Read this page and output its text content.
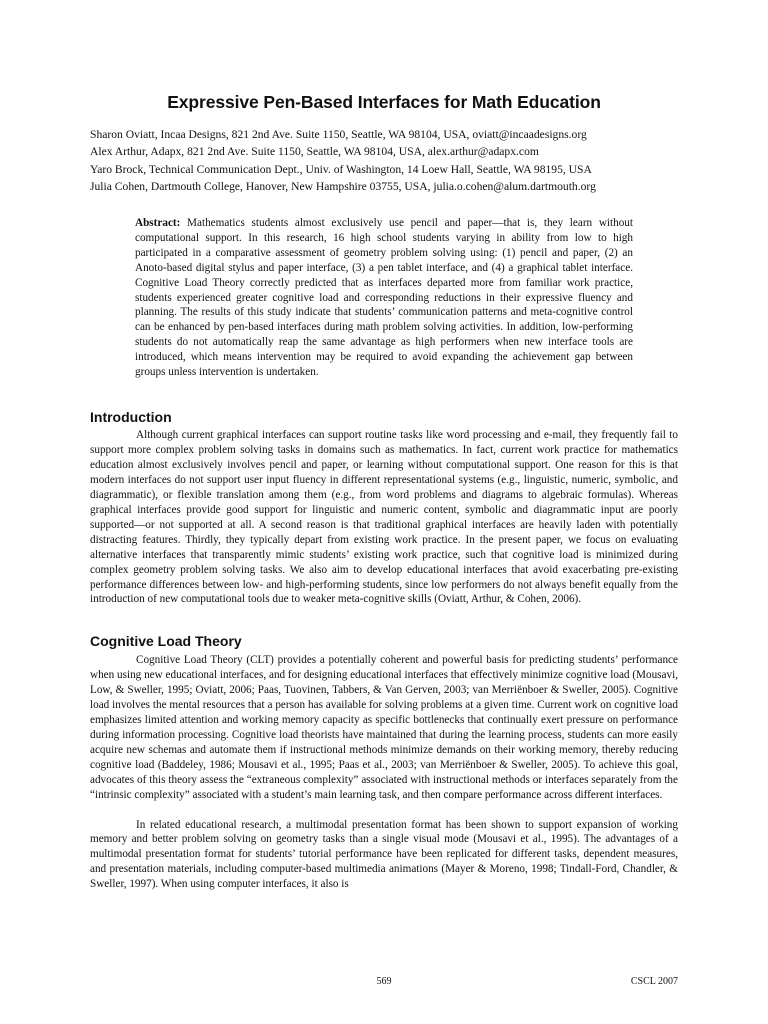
Expressive Pen-Based Interfaces for Math Education
Sharon Oviatt, Incaa Designs, 821 2nd Ave. Suite 1150, Seattle, WA 98104, USA, oviatt@incaadesigns.org
Alex Arthur, Adapx, 821 2nd Ave. Suite 1150, Seattle, WA 98104, USA, alex.arthur@adapx.com
Yaro Brock, Technical Communication Dept., Univ. of Washington, 14 Loew Hall, Seattle, WA 98195, USA
Julia Cohen, Dartmouth College, Hanover, New Hampshire 03755, USA, julia.o.cohen@alum.dartmouth.org

Abstract: Mathematics students almost exclusively use pencil and paper—that is, they learn without computational support. In this research, 16 high school students varying in ability from low to high participated in a comparative assessment of geometry problem solving using: (1) pencil and paper, (2) an Anoto-based digital stylus and paper interface, (3) a pen tablet interface, and (4) a graphical tablet interface. Cognitive Load Theory correctly predicted that as interfaces departed more from familiar work practice, students experienced greater cognitive load and corresponding reductions in their expressive fluency and planning. The results of this study indicate that students’ communication patterns and meta-cognitive control can be enhanced by pen-based interfaces during math problem solving activities. In addition, low-performing students do not automatically reap the same advantage as high performers when new interface tools are introduced, which means intervention may be required to avoid expanding the achievement gap between groups unless intervention is undertaken.

Introduction

Although current graphical interfaces can support routine tasks like word processing and e-mail, they frequently fail to support more complex problem solving tasks in domains such as mathematics. In fact, current work practice for mathematics education almost exclusively involves pencil and paper, or learning without computational support. One reason for this is that modern interfaces do not support user input fluency in different representational systems (e.g., linguistic, numeric, symbolic, and diagrammatic), or flexible translation among them (e.g., from word problems and diagrams to algebraic formulas). Whereas graphical interfaces provide good support for linguistic and numeric content, symbolic and diagrammatic input are poorly supported—or not supported at all. A second reason is that traditional graphical interfaces are heavily laden with potentially distracting features. Thirdly, they typically depart from existing work practice. In the present paper, we focus on evaluating alternative interfaces that transparently mimic students’ existing work practice, such that cognitive load is minimized during complex geometry problem solving tasks. We also aim to develop educational interfaces that avoid exacerbating pre-existing performance differences between low- and high-performing students, since low performers do not always benefit equally from the introduction of new computational tools due to weaker meta-cognitive skills (Oviatt, Arthur, & Cohen, 2006).

Cognitive Load Theory

Cognitive Load Theory (CLT) provides a potentially coherent and powerful basis for predicting students’ performance when using new educational interfaces, and for designing educational interfaces that effectively minimize cognitive load (Mousavi, Low, & Sweller, 1995; Oviatt, 2006; Paas, Tuovinen, Tabbers, & Van Gerven, 2003; van Merriënboer & Sweller, 2005). Cognitive load involves the mental resources that a person has available for solving problems at a given time. Current work on cognitive load emphasizes limited attention and working memory capacity as specific bottlenecks that continually exert pressure on performance during information processing. Cognitive load theorists have maintained that during the learning process, students can more easily acquire new schemas and automate them if instructional methods minimize demands on their working memory, thereby reducing cognitive load (Baddeley, 1986; Mousavi et al., 1995; Paas et al., 2003; van Merriënboer & Sweller, 2005). To achieve this goal, advocates of this theory assess the “extraneous complexity” associated with instructional methods or interfaces separately from the “intrinsic complexity” associated with a student’s main learning task, and then compare performance across different interfaces.

In related educational research, a multimodal presentation format has been shown to support expansion of working memory and better problem solving on geometry tasks than a single visual mode (Mousavi et al., 1995). The advantages of a multimodal presentation format for students’ tutorial performance have been replicated for different tasks, dependent measures, and presentation materials, including computer-based multimedia animations (Mayer & Moreno, 1998; Tindall-Ford, Chandler, & Sweller, 1997). When using computer interfaces, it also is

569	CSCL 2007
